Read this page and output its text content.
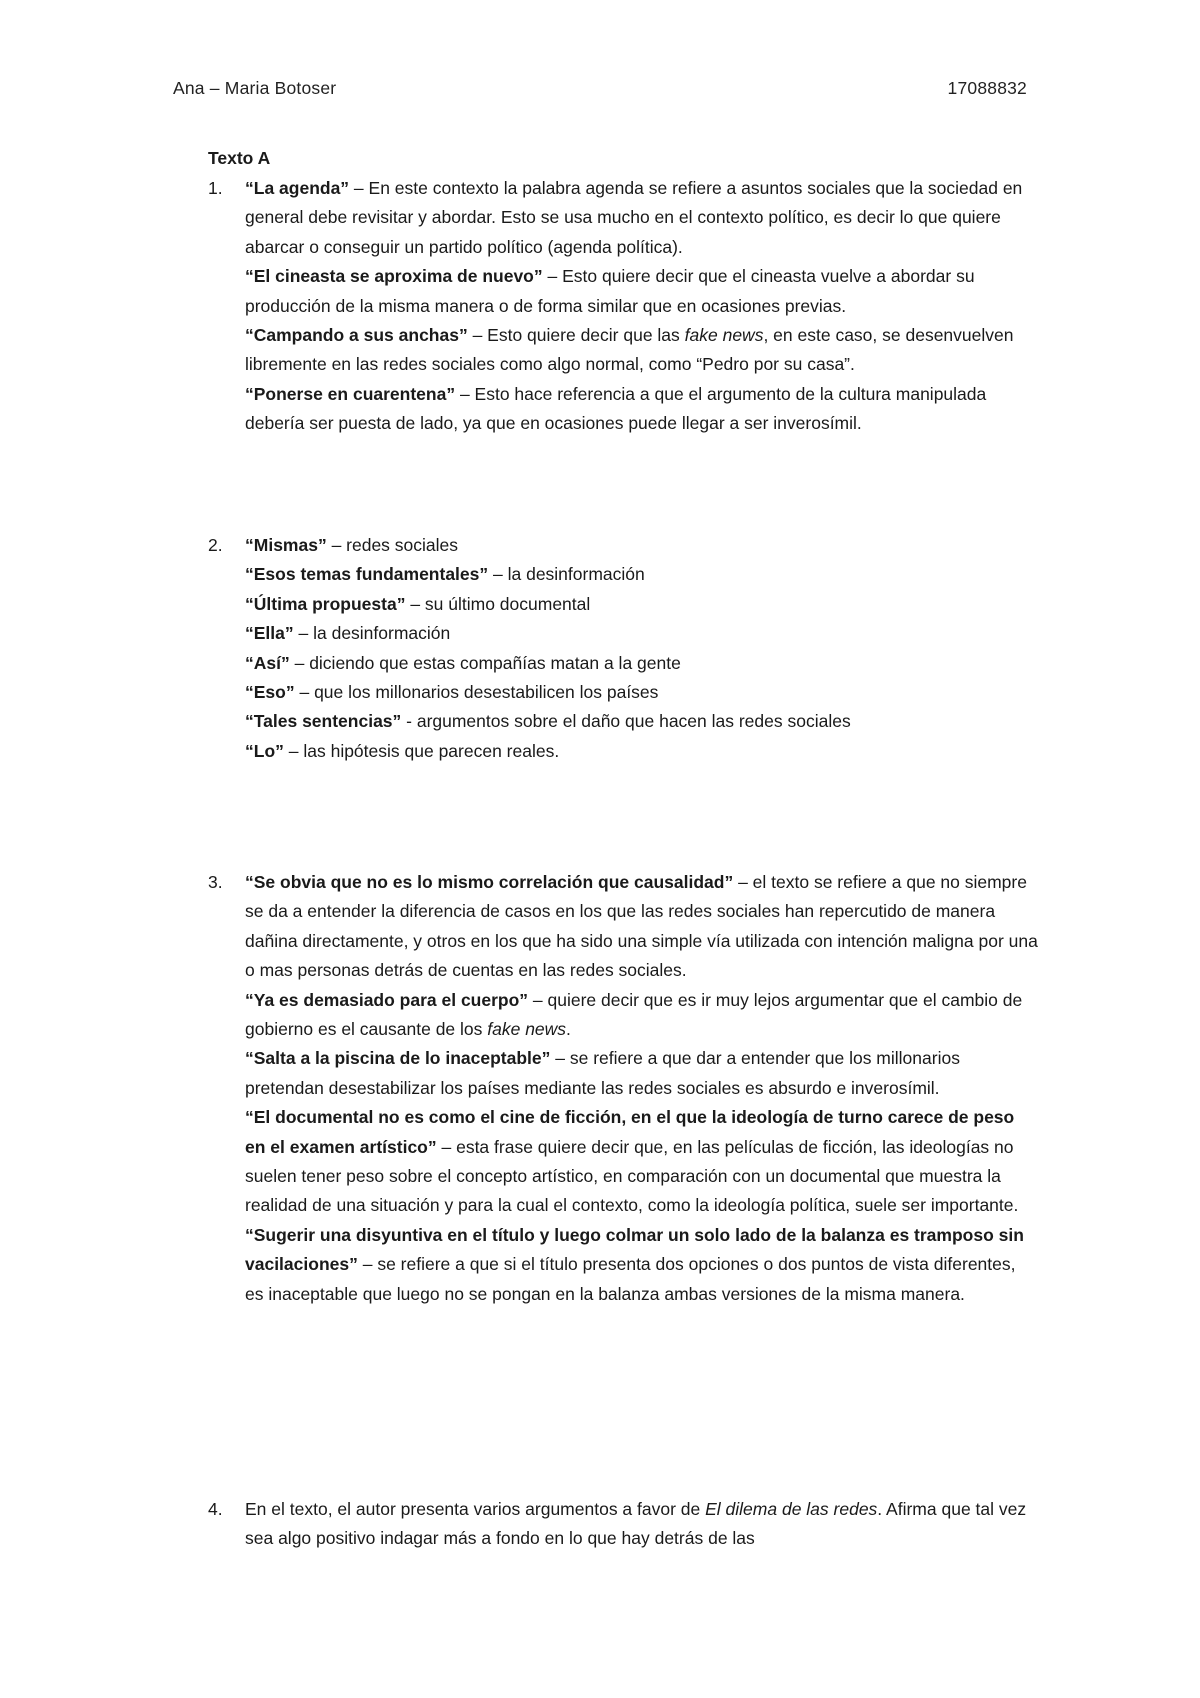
Ana – Maria Botoser	17088832
Texto A
1.	“La agenda” – En este contexto la palabra agenda se refiere a asuntos sociales que la sociedad en general debe revisitar y abordar. Esto se usa mucho en el contexto político, es decir lo que quiere abarcar o conseguir un partido político (agenda política).

“El cineasta se aproxima de nuevo” – Esto quiere decir que el cineasta vuelve a abordar su producción de la misma manera o de forma similar que en ocasiones previas.

“Campando a sus anchas” – Esto quiere decir que las fake news, en este caso, se desenvuelven libremente en las redes sociales como algo normal, como “Pedro por su casa”.

“Ponerse en cuarentena” – Esto hace referencia a que el argumento de la cultura manipulada debería ser puesta de lado, ya que en ocasiones puede llegar a ser inverosímil.

2.	“Mismas” – redes sociales

“Esos temas fundamentales” – la desinformación

“Última propuesta” – su último documental

“Ella” – la desinformación

“Así” – diciendo que estas compañías matan a la gente

“Eso” – que los millonarios desestabilicen los países

“Tales sentencias” - argumentos sobre el daño que hacen las redes sociales

“Lo” – las hipótesis que parecen reales.

3.	“Se obvia que no es lo mismo correlación que causalidad” – el texto se refiere a que no siempre se da a entender la diferencia de casos en los que las redes sociales han repercutido de manera dañina directamente, y otros en los que ha sido una simple vía utilizada con intención maligna por una o mas personas detrás de cuentas en las redes sociales.

“Ya es demasiado para el cuerpo” – quiere decir que es ir muy lejos argumentar que el cambio de gobierno es el causante de los fake news.

“Salta a la piscina de lo inaceptable” – se refiere a que dar a entender que los millonarios pretendan desestabilizar los países mediante las redes sociales es absurdo e inverosímil.

“El documental no es como el cine de ficción, en el que la ideología de turno carece de peso en el examen artístico” – esta frase quiere decir que, en las películas de ficción, las ideologías no suelen tener peso sobre el concepto artístico, en comparación con un documental que muestra la realidad de una situación y para la cual el contexto, como la ideología política, suele ser importante.

“Sugerir una disyuntiva en el título y luego colmar un solo lado de la balanza es tramposo sin vacilaciones” – se refiere a que si el título presenta dos opciones o dos puntos de vista diferentes, es inaceptable que luego no se pongan en la balanza ambas versiones de la misma manera.

4.	En el texto, el autor presenta varios argumentos a favor de El dilema de las redes. Afirma que tal vez sea algo positivo indagar más a fondo en lo que hay detrás de las
